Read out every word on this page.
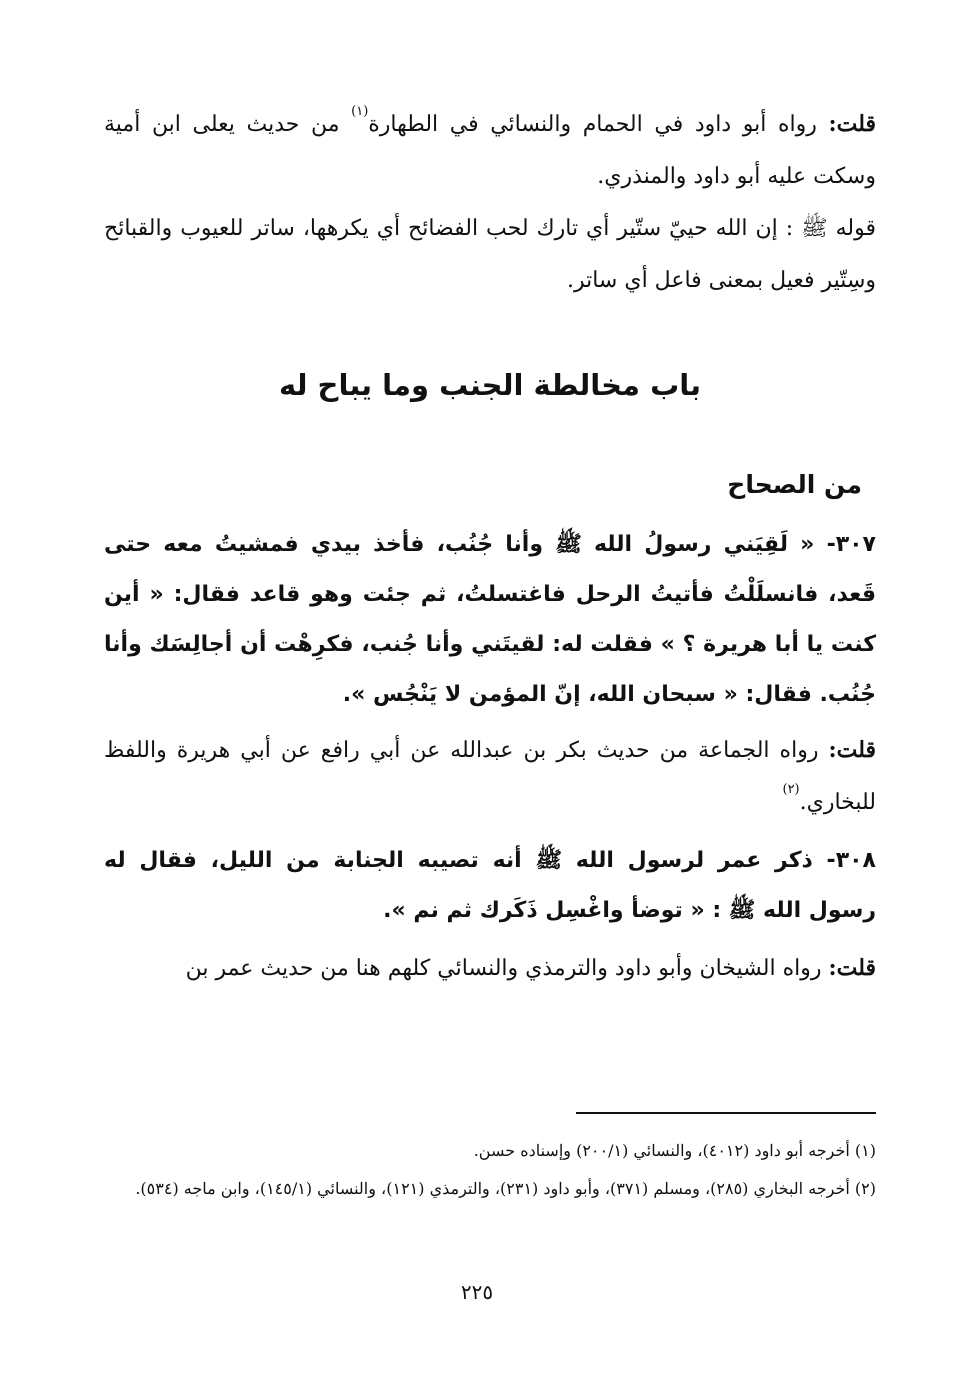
قلت: رواه أبو داود في الحمام والنسائي في الطهارة$^{(١)}$ من حديث يعلى ابن أمية وسكت عليه أبو داود والمنذري.

قوله ﷺ : إن الله حييّ ستّير أي تارك لحب الفضائح أي يكرهها، ساتر للعيوب والقبائح وسِتّير فعيل بمعنى فاعل أي ساتر.

باب مخالطة الجنب وما يباح له
من الصحاح

٣٠٧- « لَقِيَني رسولُ الله ﷺ وأنا جُنُب، فأخذ بيدي فمشيتُ معه حتى قَعد، فانسلَلْتُ فأتيتُ الرحل فاغتسلتُ، ثم جئت وهو قاعد فقال: « أين كنت يا أبا هريرة ؟ » فقلت له: لقيتَني وأنا جُنب، فكرِهْت أن أجالِسَك وأنا جُنُب. فقال: « سبحان الله، إنّ المؤمن لا يَنْجُس ».

قلت: رواه الجماعة من حديث بكر بن عبدالله عن أبي رافع عن أبي هريرة واللفظ للبخاري.$^{(٢)}$

٣٠٨- ذكر عمر لرسول الله ﷺ أنه تصيبه الجنابة من الليل، فقال له رسول الله ﷺ : « توضأ واغْسِل ذَكَرك ثم نم ».

قلت: رواه الشيخان وأبو داود والترمذي والنسائي كلهم هنا من حديث عمر بن

(١) أخرجه أبو داود (٤٠١٢)، والنسائي (٢٠٠/١) وإسناده حسن.

(٢) أخرجه البخاري (٢٨٥)، ومسلم (٣٧١)، وأبو داود (٢٣١)، والترمذي (١٢١)، والنسائي (١٤٥/١)، وابن ماجه (٥٣٤).

٢٢٥
